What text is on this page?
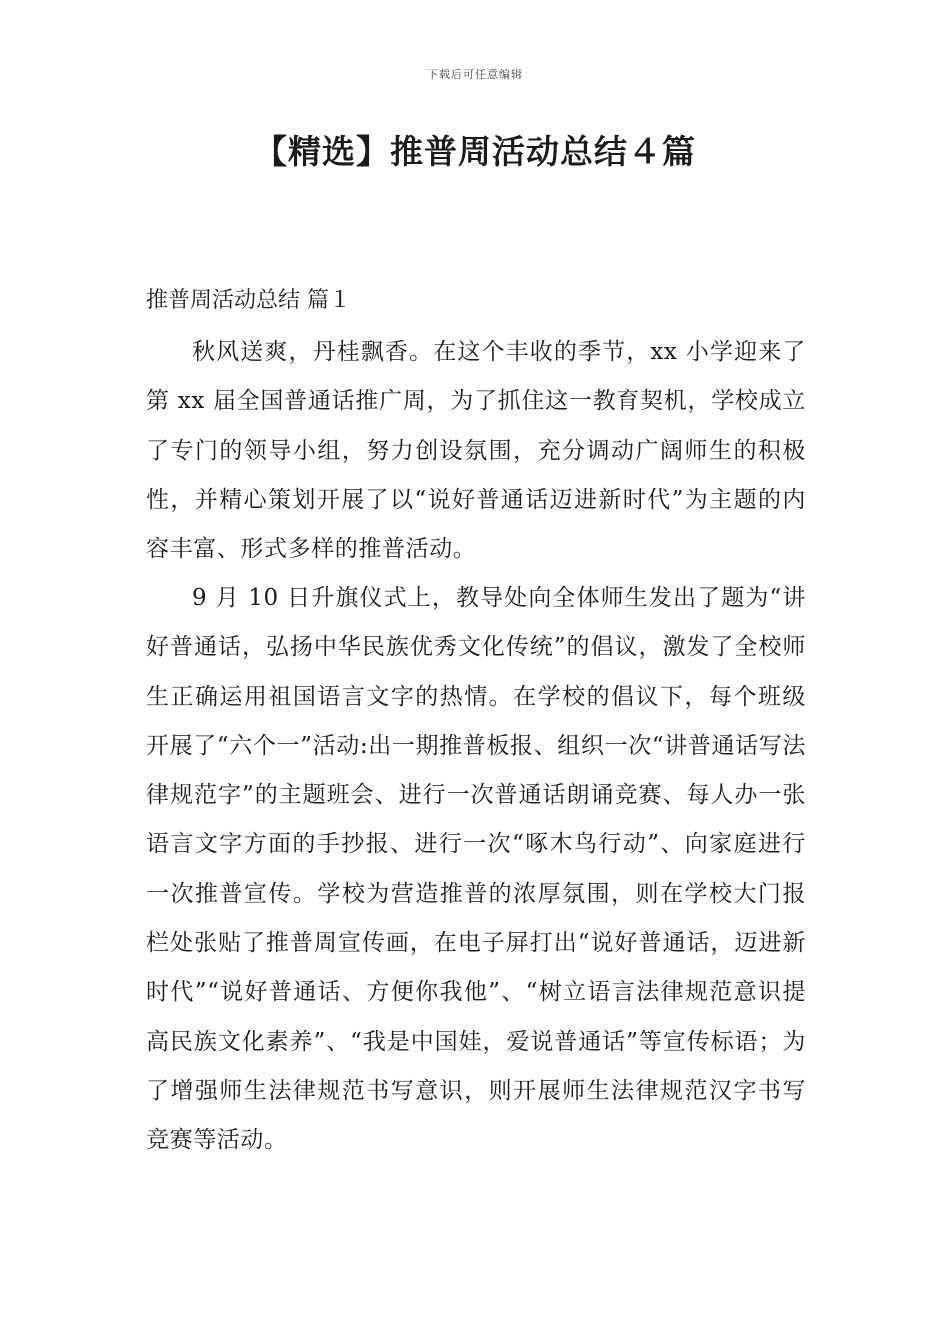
下载后可任意编辑
【精选】推普周活动总结４篇
推普周活动总结 篇１

秋风送爽，丹桂飘香。在这个丰收的季节，xx 小学迎来了第 xx 届全国普通话推广周，为了抓住这一教育契机，学校成立了专门的领导小组，努力创设氛围，充分调动广阔师生的积极性，并精心策划开展了以“说好普通话迈进新时代”为主题的内容丰富、形式多样的推普活动。

9 月 10 日升旗仪式上，教导处向全体师生发出了题为“讲好普通话，弘扬中华民族优秀文化传统”的倡议，激发了全校师生正确运用祖国语言文字的热情。在学校的倡议下，每个班级开展了“六个一”活动:出一期推普板报、组织一次“讲普通话写法律规范字”的主题班会、进行一次普通话朗诵竞赛、每人办一张语言文字方面的手抄报、进行一次“啄木鸟行动”、向家庭进行一次推普宣传。学校为营造推普的浓厚氛围，则在学校大门报栏处张贴了推普周宣传画，在电子屏打出“说好普通话，迈进新时代”“说好普通话、方便你我他”、“树立语言法律规范意识提高民族文化素养”、“我是中国娃，爱说普通话”等宣传标语；为了增强师生法律规范书写意识，则开展师生法律规范汉字书写竞赛等活动。
